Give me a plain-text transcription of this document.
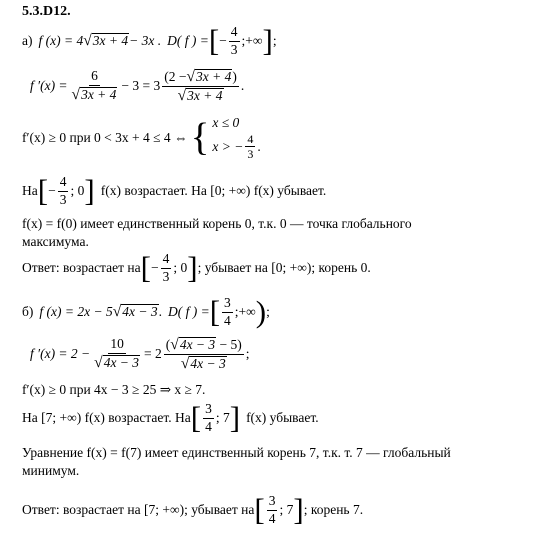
5.3.D12.
а) f (x) = 4 √ 3x + 4 − 3x . D( f ) = [ − $\frac{4}{3}$ ;+∞ ] ;
f $'(x) = \frac{6}{√ 3x + 4} - 3 = 3 \frac{(2 - √ 3x + 4 )}{√ 3x + 4}$ .
f′(x) ≥ 0 при 0 < 3x + 4 ≤ 4 ⇔ { x ≤ 0
x > − $\frac{4}{3}$ .
На [ − $\frac{4}{3}$ ; 0 ] f(x) возрастает. На [0; +∞) f(x) убывает.
f(x) = f(0) имеет единственный корень 0, т.к. 0 — точка глобального
максимума.
Ответ: возрастает на [ − $\frac{4}{3}$ ; 0 ] ; убывает на [0; +∞); корень 0.
б) f (x) = 2x − 5 √ 4x − 3 . D( f ) = [ $\frac{3}{4}$ ;+∞ ) ;
f $'(x) = 2 - \frac{10}{√ 4x - 3} = 2 \frac{( √ 4x - 3 - 5)}{√ 4x - 3}$ ;
f′(x) ≥ 0 при 4x − 3 ≥ 25 ⇒ x ≥ 7.
На [7; +∞) f(x) возрастает. На [ $\frac{3}{4}$ ; 7 ] f(x) убывает.
Уравнение f(x) = f(7) имеет единственный корень 7, т.к. т. 7 — глобальный
минимум.
Ответ: возрастает на [7; +∞); убывает на [ $\frac{3}{4}$ ; 7 ] ; корень 7.
